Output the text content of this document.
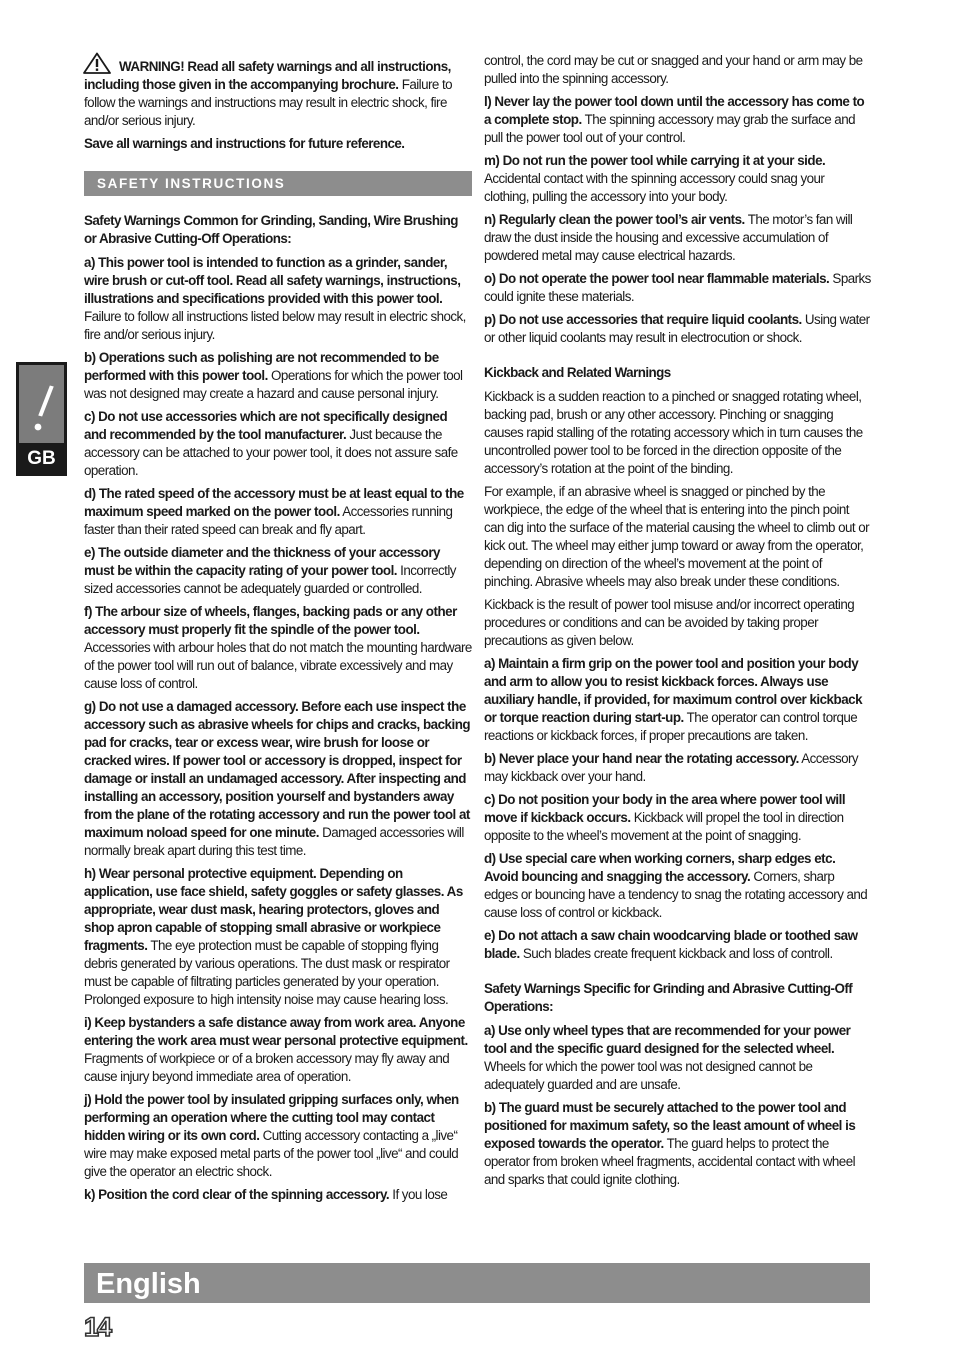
GB
WARNING! Read all safety warnings and all instructions, including those given in the accompanying brochure. Failure to follow the warnings and instructions may result in electric shock, fire and/or serious injury.
Save all warnings and instructions for future reference.
SAFETY INSTRUCTIONS
Safety Warnings Common for Grinding, Sanding, Wire Brushing or Abrasive Cutting-Off Operations:
a) This power tool is intended to function as a grinder, sander, wire brush or cut-off tool. Read all safety warnings, instructions, illustrations and specifications provided with this power tool. Failure to follow all instructions listed below may result in electric shock, fire and/or serious injury.
b) Operations such as polishing are not recommended to be performed with this power tool. Operations for which the power tool was not designed may create a hazard and cause personal injury.
c) Do not use accessories which are not specifically designed and recommended by the tool manufacturer. Just because the accessory can be attached to your power tool, it does not assure safe operation.
d) The rated speed of the accessory must be at least equal to the maximum speed marked on the power tool. Accessories running faster than their rated speed can break and fly apart.
e) The outside diameter and the thickness of your accessory must be within the capacity rating of your power tool. Incorrectly sized accessories cannot be adequately guarded or controlled.
f) The arbour size of wheels, flanges, backing pads or any other accessory must properly fit the spindle of the power tool. Accessories with arbour holes that do not match the mounting hardware of the power tool will run out of balance, vibrate excessively and may cause loss of control.
g) Do not use a damaged accessory. Before each use inspect the accessory such as abrasive wheels for chips and cracks, backing pad for cracks, tear or excess wear, wire brush for loose or cracked wires. If power tool or accessory is dropped, inspect for damage or install an undamaged accessory. After inspecting and installing an accessory, position yourself and bystanders away from the plane of the rotating accessory and run the power tool at maximum noload speed for one minute. Damaged accessories will normally break apart during this test time.
h) Wear personal protective equipment. Depending on application, use face shield, safety goggles or safety glasses. As appropriate, wear dust mask, hearing protectors, gloves and shop apron capable of stopping small abrasive or workpiece fragments. The eye protection must be capable of stopping flying debris generated by various operations. The dust mask or respirator must be capable of filtrating particles generated by your operation. Prolonged exposure to high intensity noise may cause hearing loss.
i) Keep bystanders a safe distance away from work area. Anyone entering the work area must wear personal protective equipment. Fragments of workpiece or of a broken accessory may fly away and cause injury beyond immediate area of operation.
j) Hold the power tool by insulated gripping surfaces only, when performing an operation where the cutting tool may contact hidden wiring or its own cord. Cutting accessory contacting a „live“ wire may make exposed metal parts of the power tool „live“ and could give the operator an electric shock.
k) Position the cord clear of the spinning accessory. If you lose
control, the cord may be cut or snagged and your hand or arm may be pulled into the spinning accessory.
l) Never lay the power tool down until the accessory has come to a complete stop. The spinning accessory may grab the surface and pull the power tool out of your control.
m) Do not run the power tool while carrying it at your side. Accidental contact with the spinning accessory could snag your clothing, pulling the accessory into your body.
n) Regularly clean the power tool’s air vents. The motor’s fan will draw the dust inside the housing and excessive accumulation of powdered metal may cause electrical hazards.
o) Do not operate the power tool near flammable materials. Sparks could ignite these materials.
p) Do not use accessories that require liquid coolants. Using water or other liquid coolants may result in electrocution or shock.
Kickback and Related Warnings
Kickback is a sudden reaction to a pinched or snagged rotating wheel, backing pad, brush or any other accessory. Pinching or snagging causes rapid stalling of the rotating accessory which in turn causes the uncontrolled power tool to be forced in the direction opposite of the accessory’s rotation at the point of the binding.
For example, if an abrasive wheel is snagged or pinched by the workpiece, the edge of the wheel that is entering into the pinch point can dig into the surface of the material causing the wheel to climb out or kick out. The wheel may either jump toward or away from the operator, depending on direction of the wheel’s movement at the point of pinching. Abrasive wheels may also break under these conditions.
Kickback is the result of power tool misuse and/or incorrect operating procedures or conditions and can be avoided by taking proper precautions as given below.
a) Maintain a firm grip on the power tool and position your body and arm to allow you to resist kickback forces. Always use auxiliary handle, if provided, for maximum control over kickback or torque reaction during start-up. The operator can control torque reactions or kickback forces, if proper precautions are taken.
b) Never place your hand near the rotating accessory. Accessory may kickback over your hand.
c) Do not position your body in the area where power tool will move if kickback occurs. Kickback will propel the tool in direction opposite to the wheel’s movement at the point of snagging.
d) Use special care when working corners, sharp edges etc. Avoid bouncing and snagging the accessory. Corners, sharp edges or bouncing have a tendency to snag the rotating accessory and cause loss of control or kickback.
e) Do not attach a saw chain woodcarving blade or toothed saw blade. Such blades create frequent kickback and loss of controll.
Safety Warnings Specific for Grinding and Abrasive Cutting-Off Operations:
a) Use only wheel types that are recommended for your power tool and the specific guard designed for the selected wheel. Wheels for which the power tool was not designed cannot be adequately guarded and are unsafe.
b) The guard must be securely attached to the power tool and positioned for maximum safety, so the least amount of wheel is exposed towards the operator. The guard helps to protect the operator from broken wheel fragments, accidental contact with wheel and sparks that could ignite clothing.
English
14
